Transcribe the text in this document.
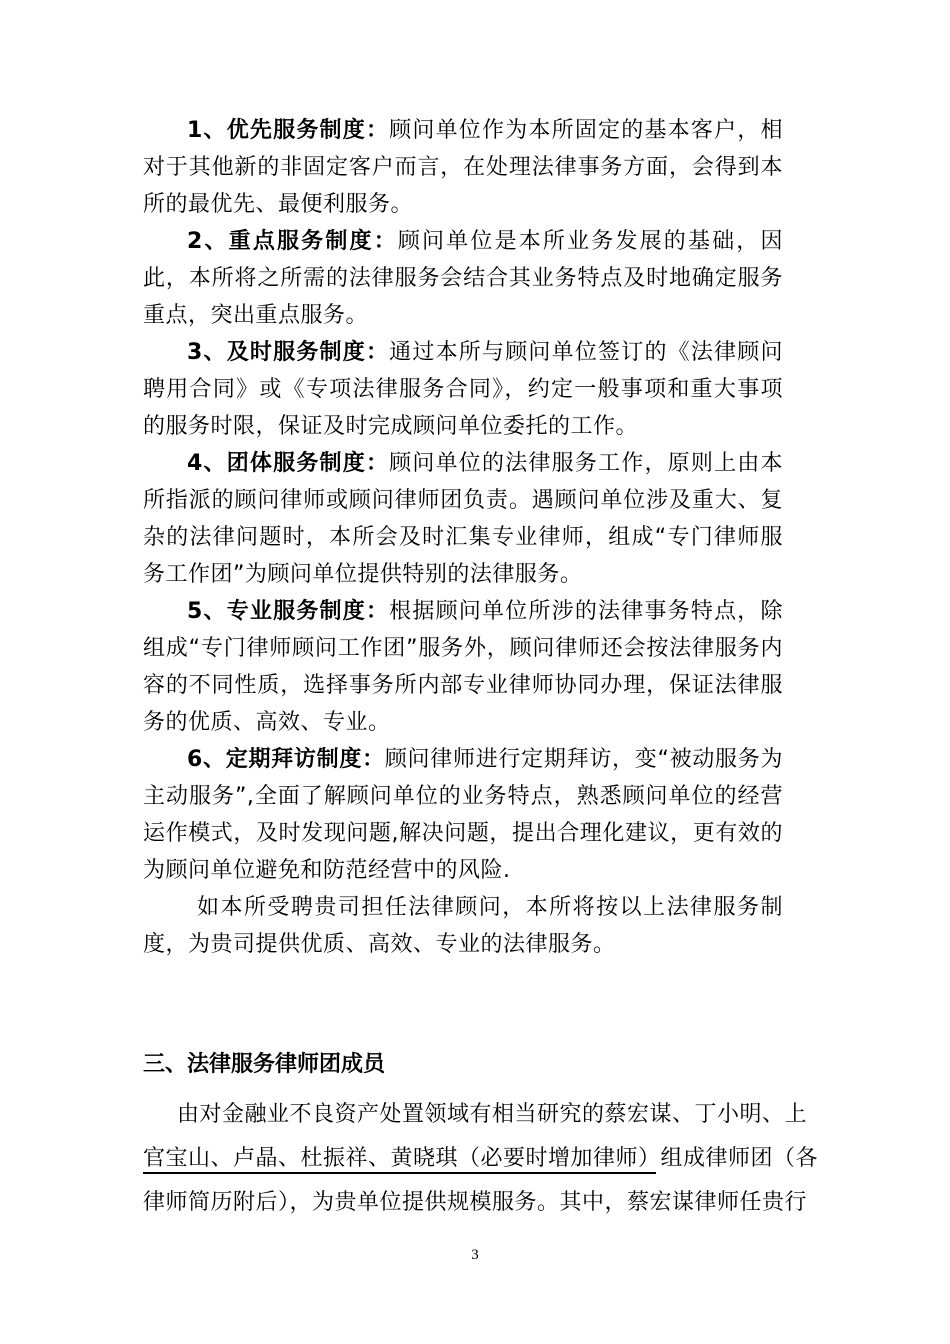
1、优先服务制度：顾问单位作为本所固定的基本客户，相对于其他新的非固定客户而言，在处理法律事务方面，会得到本所的最优先、最便利服务。

2、重点服务制度：顾问单位是本所业务发展的基础，因此，本所将之所需的法律服务会结合其业务特点及时地确定服务重点，突出重点服务。

3、及时服务制度：通过本所与顾问单位签订的《法律顾问聘用合同》或《专项法律服务合同》，约定一般事项和重大事项的服务时限，保证及时完成顾问单位委托的工作。

4、团体服务制度：顾问单位的法律服务工作，原则上由本所指派的顾问律师或顾问律师团负责。遇顾问单位涉及重大、复杂的法律问题时，本所会及时汇集专业律师，组成“专门律师服务工作团”为顾问单位提供特别的法律服务。

5、专业服务制度：根据顾问单位所涉的法律事务特点，除组成“专门律师顾问工作团”服务外，顾问律师还会按法律服务内容的不同性质，选择事务所内部专业律师协同办理，保证法律服务的优质、高效、专业。

6、定期拜访制度：顾问律师进行定期拜访，变“被动服务为主动服务”,全面了解顾问单位的业务特点，熟悉顾问单位的经营运作模式，及时发现问题,解决问题，提出合理化建议，更有效的为顾问单位避免和防范经营中的风险.

如本所受聘贵司担任法律顾问，本所将按以上法律服务制度，为贵司提供优质、高效、专业的法律服务。

三、法律服务律师团成员
由对金融业不良资产处置领域有相当研究的蔡宏谋、丁小明、上
官宝山、卢晶、杜振祥、黄晓琪（必要时增加律师）组成律师团（各
律师简历附后），为贵单位提供规模服务。其中，蔡宏谋律师任贵行
3
